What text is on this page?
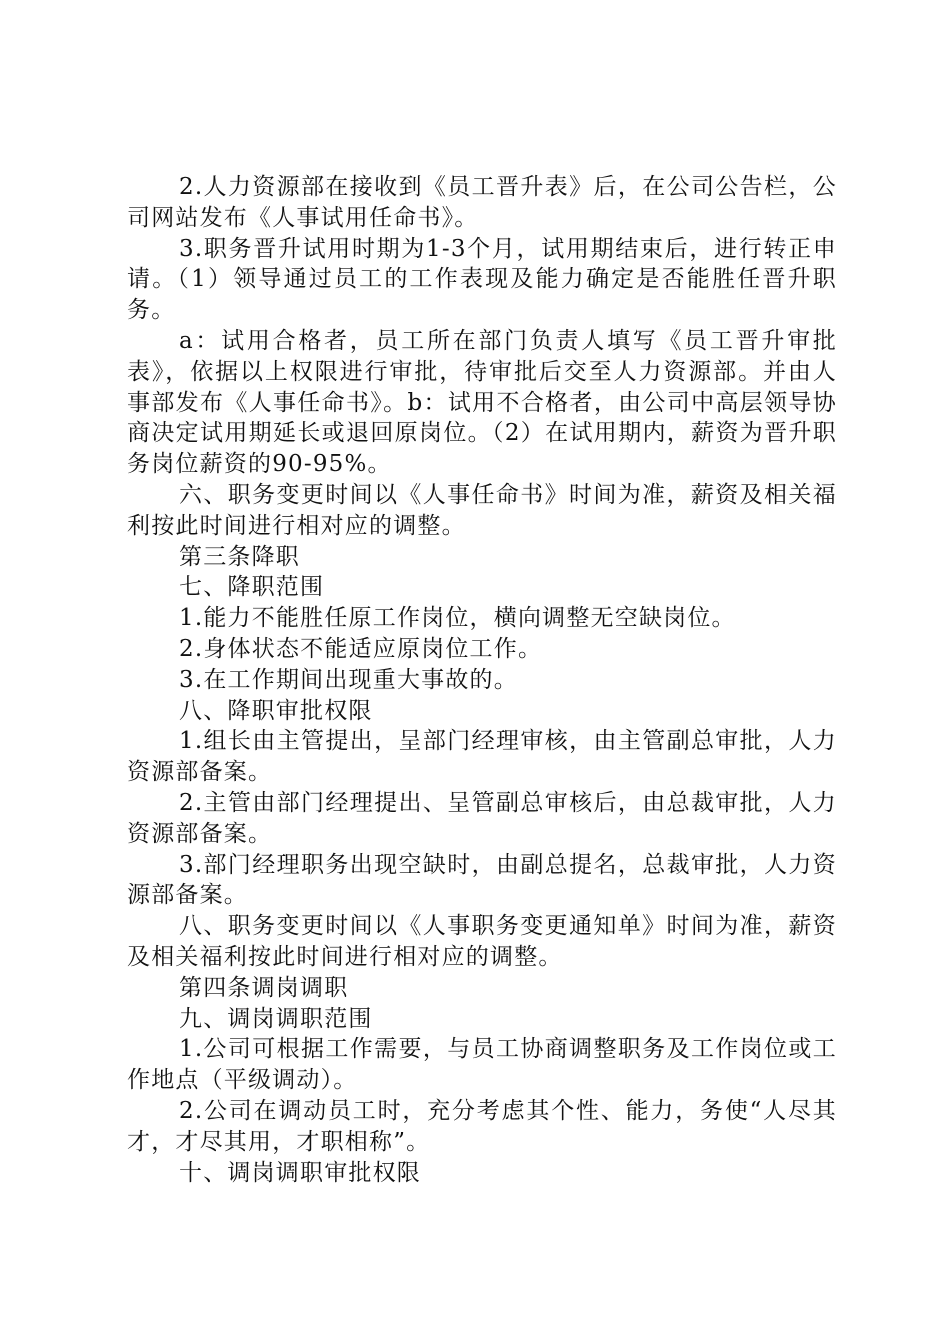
2.人力资源部在接收到《员工晋升表》后，在公司公告栏，公司网站发布《人事试用任命书》。

3.职务晋升试用时期为1-3个月，试用期结束后，进行转正申请。（1）领导通过员工的工作表现及能力确定是否能胜任晋升职务。

a：试用合格者，员工所在部门负责人填写《员工晋升审批表》，依据以上权限进行审批，待审批后交至人力资源部。并由人事部发布《人事任命书》。b：试用不合格者，由公司中高层领导协商决定试用期延长或退回原岗位。（2）在试用期内，薪资为晋升职务岗位薪资的90-95%。

六、职务变更时间以《人事任命书》时间为准，薪资及相关福利按此时间进行相对应的调整。

第三条降职

七、降职范围

1.能力不能胜任原工作岗位，横向调整无空缺岗位。

2.身体状态不能适应原岗位工作。

3.在工作期间出现重大事故的。

八、降职审批权限

1.组长由主管提出，呈部门经理审核，由主管副总审批，人力资源部备案。

2.主管由部门经理提出、呈管副总审核后，由总裁审批，人力资源部备案。

3.部门经理职务出现空缺时，由副总提名，总裁审批，人力资源部备案。

八、职务变更时间以《人事职务变更通知单》时间为准，薪资及相关福利按此时间进行相对应的调整。

第四条调岗调职

九、调岗调职范围

1.公司可根据工作需要，与员工协商调整职务及工作岗位或工作地点（平级调动）。

2.公司在调动员工时，充分考虑其个性、能力，务使“人尽其才，才尽其用，才职相称”。

十、调岗调职审批权限
